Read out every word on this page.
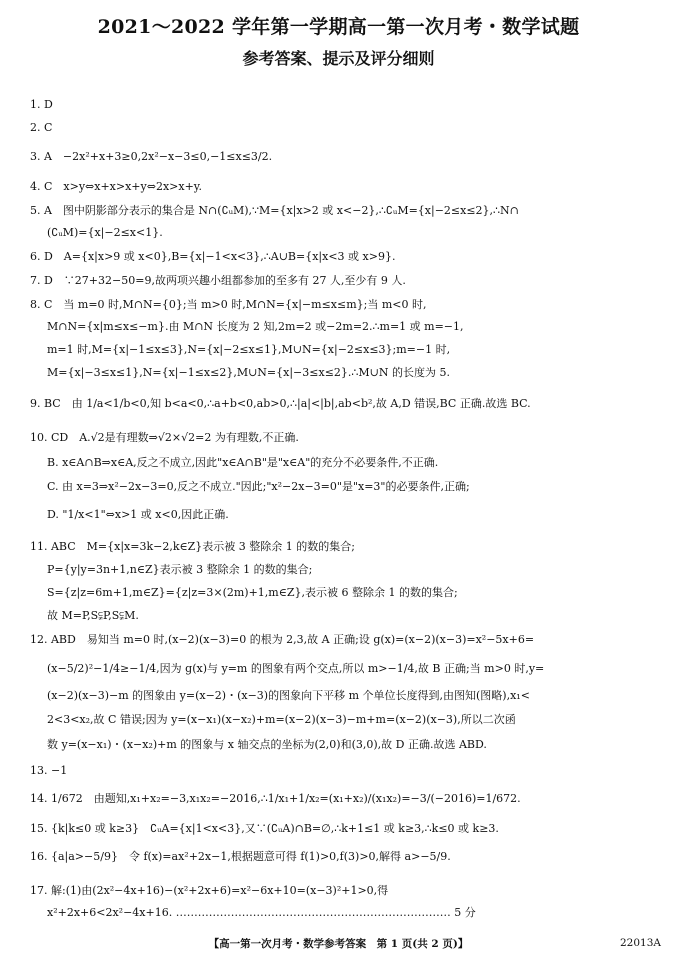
2021～2022 学年第一学期高一第一次月考・数学试题
参考答案、提示及评分细则
1. D
2. C
3. A　−2x²+x+3≥0,2x²−x−3≤0,−1≤x≤3/2.
4. C　x>y⇔x+x>x+y⇔2x>x+y.
5. A　图中阴影部分表示的集合是 N∩(∁ᵤM),∵M={x|x>2 或 x<−2},∴∁ᵤM={x|−2≤x≤2},∴N∩
(∁ᵤM)={x|−2≤x<1}.
6. D　A={x|x>9 或 x<0},B={x|−1<x<3},∴A∪B={x|x<3 或 x>9}.
7. D　∵27+32−50=9,故两项兴趣小组都参加的至多有 27 人,至少有 9 人.
8. C　当 m=0 时,M∩N={0};当 m>0 时,M∩N={x|−m≤x≤m};当 m<0 时,
M∩N={x|m≤x≤−m}.由 M∩N 长度为 2 知,2m=2 或−2m=2.∴m=1 或 m=−1,
m=1 时,M={x|−1≤x≤3},N={x|−2≤x≤1},M∪N={x|−2≤x≤3};m=−1 时,
M={x|−3≤x≤1},N={x|−1≤x≤2},M∪N={x|−3≤x≤2}.∴M∪N 的长度为 5.
9. BC　由 1/a<1/b<0,知 b<a<0,∴a+b<0,ab>0,∴|a|<|b|,ab<b²,故 A,D 错误,BC 正确.故选 BC.
10. CD　A.√2是有理数⇒√2×√2=2 为有理数,不正确.
B. x∈A∩B⇒x∈A,反之不成立,因此"x∈A∩B"是"x∈A"的充分不必要条件,不正确.
C. 由 x=3⇒x²−2x−3=0,反之不成立."因此;"x²−2x−3=0"是"x=3"的必要条件,正确;
D. "1/x<1"⇔x>1 或 x<0,因此正确.
11. ABC　M={x|x=3k−2,k∈Z}表示被 3 整除余 1 的数的集合;
P={y|y=3n+1,n∈Z}表示被 3 整除余 1 的数的集合;
S={z|z=6m+1,m∈Z}={z|z=3×(2m)+1,m∈Z},表示被 6 整除余 1 的数的集合;
故 M=P,S⫋P,S⫋M.
12. ABD　易知当 m=0 时,(x−2)(x−3)=0 的根为 2,3,故 A 正确;设 g(x)=(x−2)(x−3)=x²−5x+6=
(x−5/2)²−1/4≥−1/4,因为 g(x)与 y=m 的图象有两个交点,所以 m>−1/4,故 B 正确;当 m>0 时,y=
(x−2)(x−3)−m 的图象由 y=(x−2)・(x−3)的图象向下平移 m 个单位长度得到,由图知(图略),x₁<
2<3<x₂,故 C 错误;因为 y=(x−x₁)(x−x₂)+m=(x−2)(x−3)−m+m=(x−2)(x−3),所以二次函
数 y=(x−x₁)・(x−x₂)+m 的图象与 x 轴交点的坐标为(2,0)和(3,0),故 D 正确.故选 ABD.
13. −1
14. 1/672　由题知,x₁+x₂=−3,x₁x₂=−2016,∴1/x₁+1/x₂=(x₁+x₂)/(x₁x₂)=−3/(−2016)=1/672.
15. {k|k≤0 或 k≥3}　∁ᵤA={x|1<x<3},又∵(∁ᵤA)∩B=∅,∴k+1≤1 或 k≥3,∴k≤0 或 k≥3.
16. {a|a>−5/9}　令 f(x)=ax²+2x−1,根据题意可得 f(1)>0,f(3)>0,解得 a>−5/9.
17. 解:(1)由(2x²−4x+16)−(x²+2x+6)=x²−6x+10=(x−3)²+1>0,得
x²+2x+6<2x²−4x+16. ………………………………………………………………… 5 分
【高一第一次月考・数学参考答案　第 1 页(共 2 页)】	22013A
